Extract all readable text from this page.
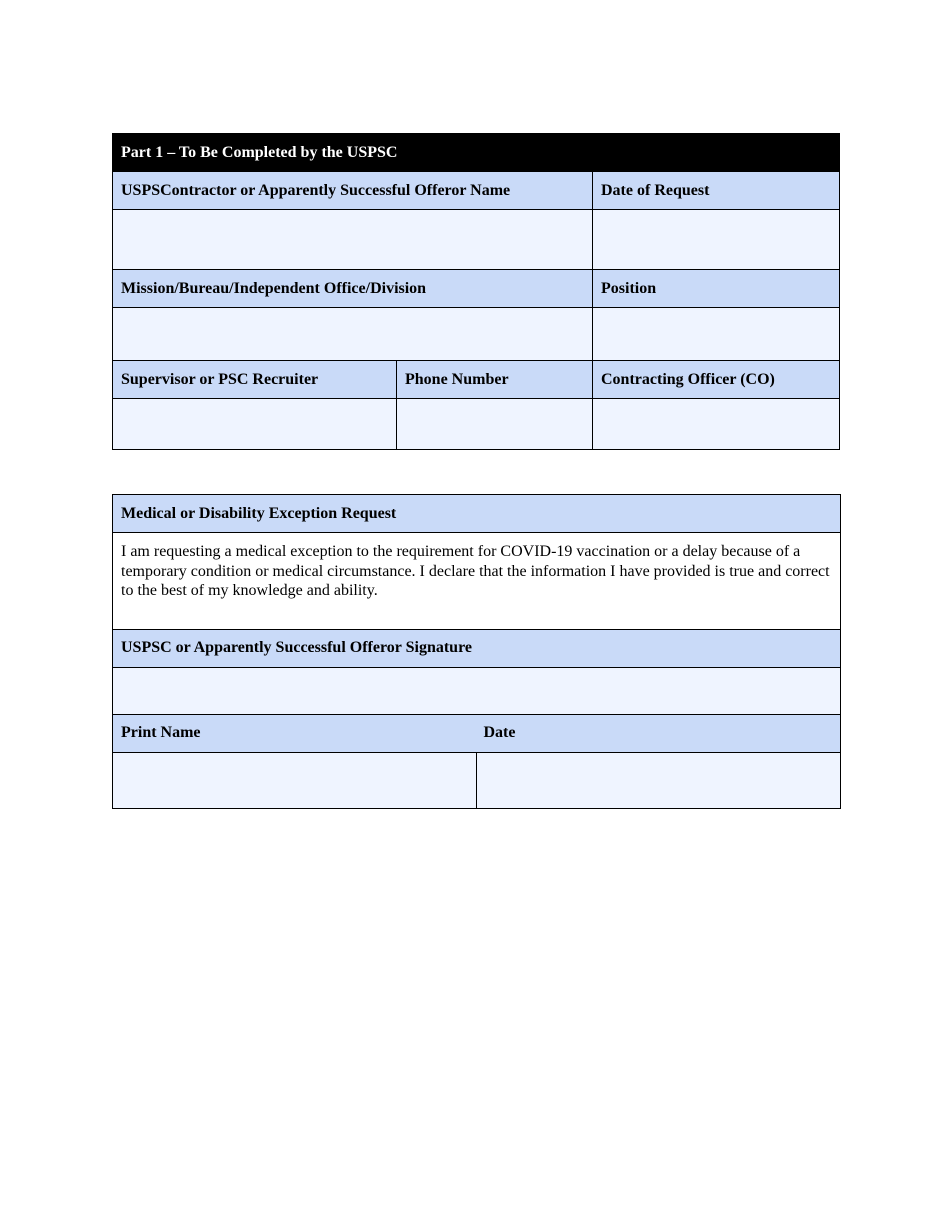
Part 1 – To Be Completed by the USPSC		
USPSContractor or Apparently Successful Offeror Name		Date of Request

Mission/Bureau/Independent Office/Division		Position

Supervisor or PSC Recruiter	Phone Number	Contracting Officer (CO)

Medical or Disability Exception Request	
I am requesting a medical exception to the requirement for COVID-19 vaccination or a delay because of a temporary condition or medical circumstance. I declare that the information I have provided is true and correct to the best of my knowledge and ability.	
USPSC or Apparently Successful Offeror Signature	

Print Name	Date
